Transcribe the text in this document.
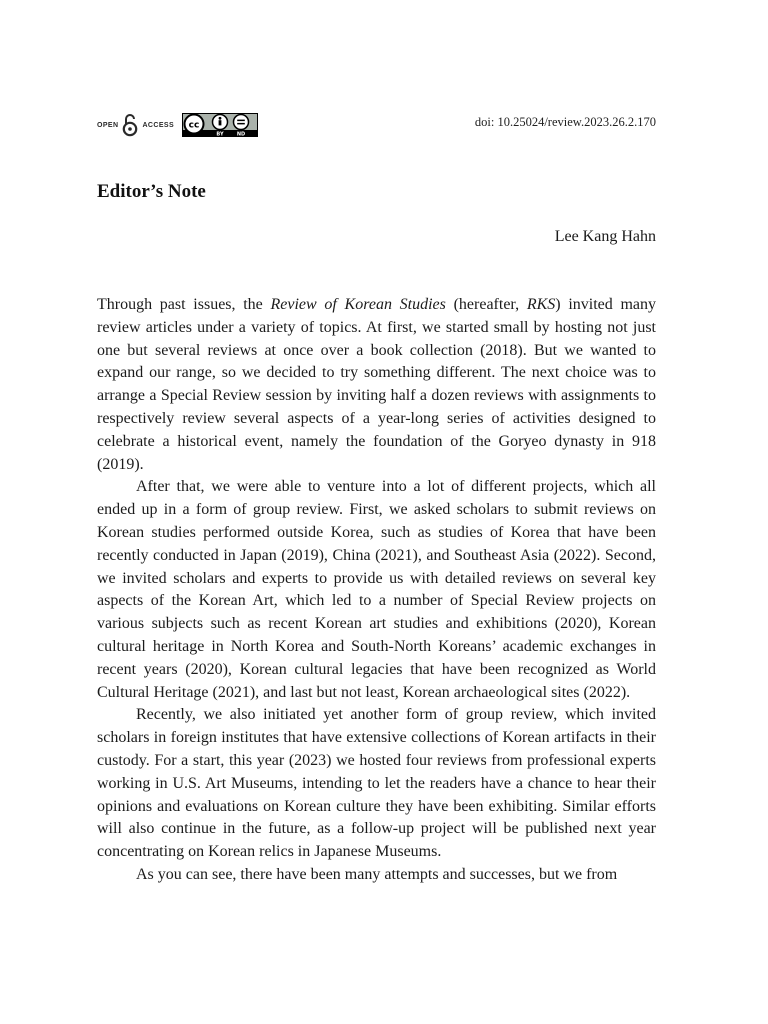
OPEN	ACCESS cc
BY	ND
doi: 10.25024/review.2023.26.2.170
Editor’s Note
Lee Kang Hahn

Through past issues, the Review of Korean Studies (hereafter, RKS) invited many review articles under a variety of topics. At first, we started small by hosting not just one but several reviews at once over a book collection (2018). But we wanted to expand our range, so we decided to try something different. The next choice was to arrange a Special Review session by inviting half a dozen reviews with assignments to respectively review several aspects of a year-long series of activities designed to celebrate a historical event, namely the foundation of the Goryeo dynasty in 918 (2019).

After that, we were able to venture into a lot of different projects, which all ended up in a form of group review. First, we asked scholars to submit reviews on Korean studies performed outside Korea, such as studies of Korea that have been recently conducted in Japan (2019), China (2021), and Southeast Asia (2022). Second, we invited scholars and experts to provide us with detailed reviews on several key aspects of the Korean Art, which led to a number of Special Review projects on various subjects such as recent Korean art studies and exhibitions (2020), Korean cultural heritage in North Korea and South-North Koreans’ academic exchanges in recent years (2020), Korean cultural legacies that have been recognized as World Cultural Heritage (2021), and last but not least, Korean archaeological sites (2022).

Recently, we also initiated yet another form of group review, which invited scholars in foreign institutes that have extensive collections of Korean artifacts in their custody. For a start, this year (2023) we hosted four reviews from professional experts working in U.S. Art Museums, intending to let the readers have a chance to hear their opinions and evaluations on Korean culture they have been exhibiting. Similar efforts will also continue in the future, as a follow-up project will be published next year concentrating on Korean relics in Japanese Museums.

As you can see, there have been many attempts and successes, but we from
